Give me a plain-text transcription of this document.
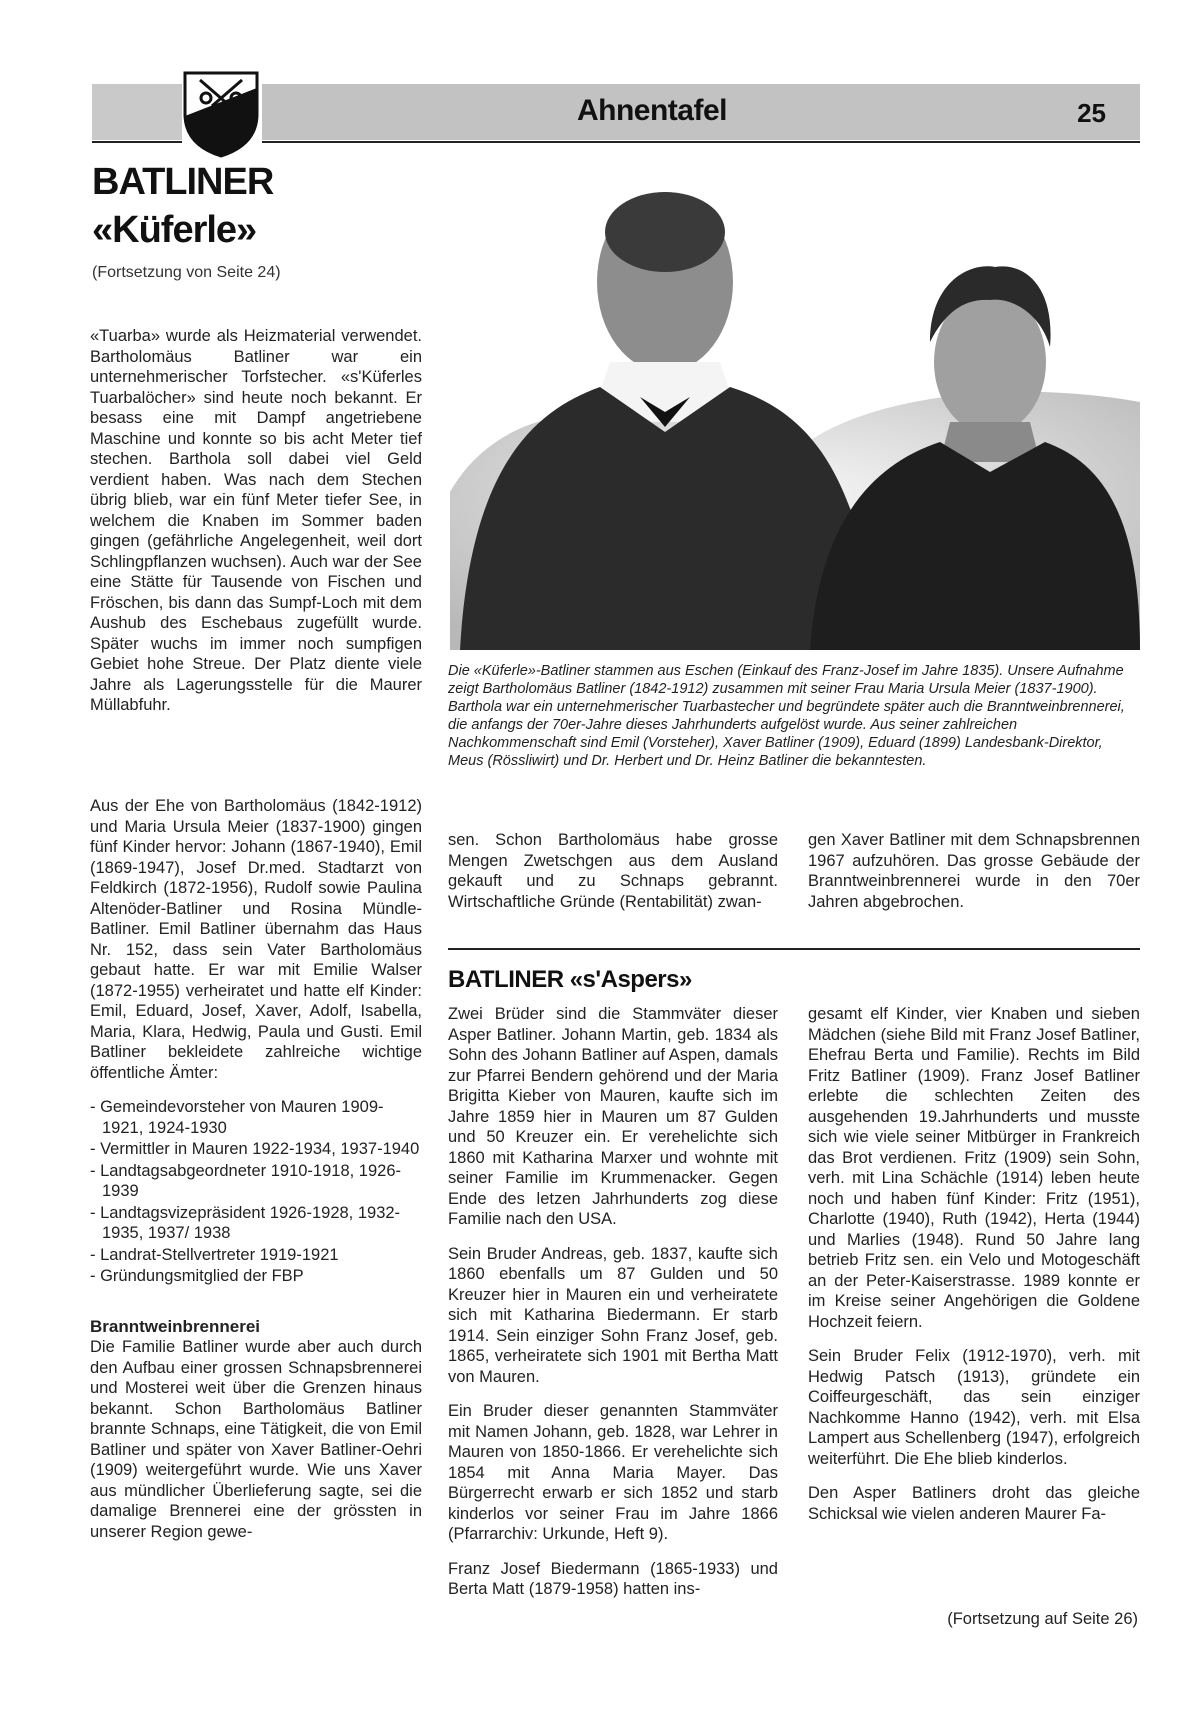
Ahnentafel	25
BATLINER
«Küferle»
(Fortsetzung von Seite 24)

«Tuarba» wurde als Heizmaterial verwendet. Bartholomäus Batliner war ein unternehmerischer Torfstecher. «s'Küferles Tuarbalöcher» sind heute noch bekannt. Er besass eine mit Dampf angetriebene Maschine und konnte so bis acht Meter tief stechen. Barthola soll dabei viel Geld verdient haben. Was nach dem Stechen übrig blieb, war ein fünf Meter tiefer See, in welchem die Knaben im Sommer baden gingen (gefährliche Angelegenheit, weil dort Schlingpflanzen wuchsen). Auch war der See eine Stätte für Tausende von Fischen und Fröschen, bis dann das Sumpf-Loch mit dem Aushub des Eschebaus zugefüllt wurde. Später wuchs im immer noch sumpfigen Gebiet hohe Streue. Der Platz diente viele Jahre als Lagerungsstelle für die Maurer Müllabfuhr.

Aus der Ehe von Bartholomäus (1842-1912) und Maria Ursula Meier (1837-1900) gingen fünf Kinder hervor: Johann (1867-1940), Emil (1869-1947), Josef Dr.med. Stadtarzt von Feldkirch (1872-1956), Rudolf sowie Paulina Altenöder-Batliner und Rosina Mündle-Batliner. Emil Batliner übernahm das Haus Nr. 152, dass sein Vater Bartholomäus gebaut hatte. Er war mit Emilie Walser (1872-1955) verheiratet und hatte elf Kinder: Emil, Eduard, Josef, Xaver, Adolf, Isabella, Maria, Klara, Hedwig, Paula und Gusti. Emil Batliner bekleidete zahlreiche wichtige öffentliche Ämter:

- Gemeindevorsteher von Mauren 1909-1921, 1924-1930
- Vermittler in Mauren 1922-1934, 1937-1940
- Landtagsabgeordneter 1910-1918, 1926-1939
- Landtagsvizepräsident 1926-1928, 1932-1935, 1937/ 1938
- Landrat-Stellvertreter 1919-1921
- Gründungsmitglied der FBP
Branntweinbrennerei

Die Familie Batliner wurde aber auch durch den Aufbau einer grossen Schnapsbrennerei und Mosterei weit über die Grenzen hinaus bekannt. Schon Bartholomäus Batliner brannte Schnaps, eine Tätigkeit, die von Emil Batliner und später von Xaver Batliner-Oehri (1909) weitergeführt wurde. Wie uns Xaver aus mündlicher Überlieferung sagte, sei die damalige Brennerei eine der grössten in unserer Region gewe-

Die «Küferle»-Batliner stammen aus Eschen (Einkauf des Franz-Josef im Jahre 1835). Unsere Aufnahme zeigt Bartholomäus Batliner (1842-1912) zusammen mit seiner Frau Maria Ursula Meier (1837-1900). Barthola war ein unternehmerischer Tuarbastecher und begründete später auch die Branntweinbrennerei, die anfangs der 70er-Jahre dieses Jahrhunderts aufgelöst wurde. Aus seiner zahlreichen Nachkommenschaft sind Emil (Vorsteher), Xaver Batliner (1909), Eduard (1899) Landesbank-Direktor, Meus (Rössliwirt) und Dr. Herbert und Dr. Heinz Batliner die bekanntesten.

sen. Schon Bartholomäus habe grosse Mengen Zwetschgen aus dem Ausland gekauft und zu Schnaps gebrannt. Wirtschaftliche Gründe (Rentabilität) zwan-

gen Xaver Batliner mit dem Schnapsbrennen 1967 aufzuhören. Das grosse Gebäude der Branntweinbrennerei wurde in den 70er Jahren abgebrochen.

BATLINER «s'Aspers»

Zwei Brüder sind die Stammväter dieser Asper Batliner. Johann Martin, geb. 1834 als Sohn des Johann Batliner auf Aspen, damals zur Pfarrei Bendern gehörend und der Maria Brigitta Kieber von Mauren, kaufte sich im Jahre 1859 hier in Mauren um 87 Gulden und 50 Kreuzer ein. Er verehelichte sich 1860 mit Katharina Marxer und wohnte mit seiner Familie im Krummenacker. Gegen Ende des letzen Jahrhunderts zog diese Familie nach den USA.

Sein Bruder Andreas, geb. 1837, kaufte sich 1860 ebenfalls um 87 Gulden und 50 Kreuzer hier in Mauren ein und verheiratete sich mit Katharina Biedermann. Er starb 1914. Sein einziger Sohn Franz Josef, geb. 1865, verheiratete sich 1901 mit Bertha Matt von Mauren.

Ein Bruder dieser genannten Stammväter mit Namen Johann, geb. 1828, war Lehrer in Mauren von 1850-1866. Er verehelichte sich 1854 mit Anna Maria Mayer. Das Bürgerrecht erwarb er sich 1852 und starb kinderlos vor seiner Frau im Jahre 1866 (Pfarrarchiv: Urkunde, Heft 9).

Franz Josef Biedermann (1865-1933) und Berta Matt (1879-1958) hatten ins-

gesamt elf Kinder, vier Knaben und sieben Mädchen (siehe Bild mit Franz Josef Batliner, Ehefrau Berta und Familie). Rechts im Bild Fritz Batliner (1909). Franz Josef Batliner erlebte die schlechten Zeiten des ausgehenden 19.Jahrhunderts und musste sich wie viele seiner Mitbürger in Frankreich das Brot verdienen. Fritz (1909) sein Sohn, verh. mit Lina Schächle (1914) leben heute noch und haben fünf Kinder: Fritz (1951), Charlotte (1940), Ruth (1942), Herta (1944) und Marlies (1948). Rund 50 Jahre lang betrieb Fritz sen. ein Velo und Motogeschäft an der Peter-Kaiserstrasse. 1989 konnte er im Kreise seiner Angehörigen die Goldene Hochzeit feiern.

Sein Bruder Felix (1912-1970), verh. mit Hedwig Patsch (1913), gründete ein Coiffeurgeschäft, das sein einziger Nachkomme Hanno (1942), verh. mit Elsa Lampert aus Schellenberg (1947), erfolgreich weiterführt. Die Ehe blieb kinderlos.

Den Asper Batliners droht das gleiche Schicksal wie vielen anderen Maurer Fa-

(Fortsetzung auf Seite 26)
